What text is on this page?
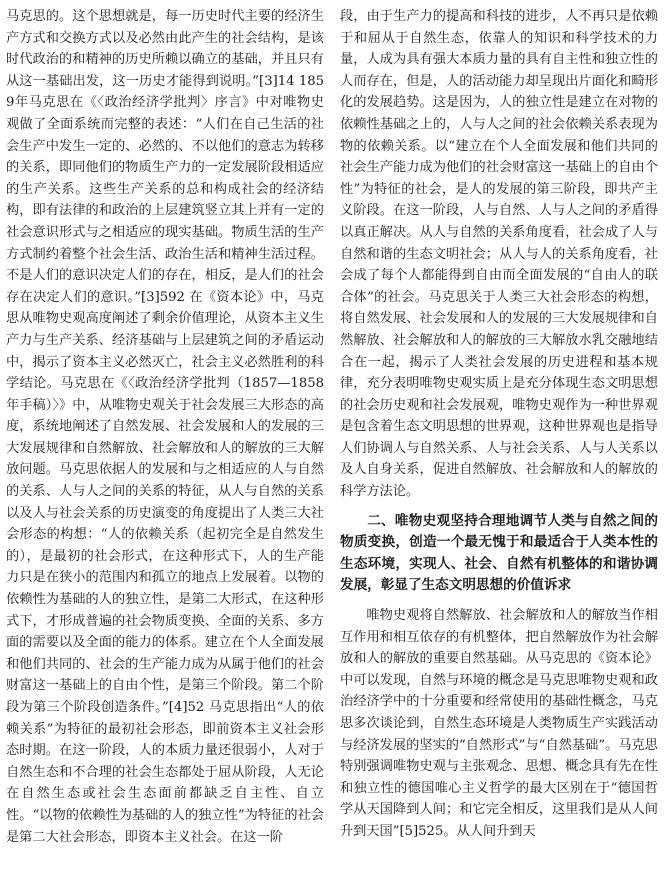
马克思的。这个思想就是，每一历史时代主要的经济生产方式和交换方式以及必然由此产生的社会结构，是该时代政治的和精神的历史所赖以确立的基础，并且只有从这一基础出发，这一历史才能得到说明。”[3]14 1859年马克思在《〈政治经济学批判〉序言》中对唯物史观做了全面系统而完整的表述：“人们在自己生活的社会生产中发生一定的、必然的、不以他们的意志为转移的关系，即同他们的物质生产力的一定发展阶段相适应的生产关系。这些生产关系的总和构成社会的经济结构，即有法律的和政治的上层建筑竖立其上并有一定的社会意识形式与之相适应的现实基础。物质生活的生产方式制约着整个社会生活、政治生活和精神生活过程。不是人们的意识决定人们的存在，相反，是人们的社会存在决定人们的意识。”[3]592 在《资本论》中，马克思从唯物史观高度阐述了剩余价值理论，从资本主义生产力与生产关系、经济基础与上层建筑之间的矛盾运动中，揭示了资本主义必然灭亡，社会主义必然胜利的科学结论。马克思在《〈政治经济学批判（1857—1858年手稿）〉》中，从唯物史观关于社会发展三大形态的高度，系统地阐述了自然发展、社会发展和人的发展的三大发展规律和自然解放、社会解放和人的解放的三大解放问题。马克思依据人的发展和与之相适应的人与自然的关系、人与人之间的关系的特征，从人与自然的关系以及人与社会关系的历史演变的角度提出了人类三大社会形态的构想：“人的依赖关系（起初完全是自然发生的），是最初的社会形式，在这种形式下，人的生产能力只是在狭小的范围内和孤立的地点上发展着。以物的依赖性为基础的人的独立性，是第二大形式，在这种形式下，才形成普遍的社会物质变换、全面的关系、多方面的需要以及全面的能力的体系。建立在个人全面发展和他们共同的、社会的生产能力成为从属于他们的社会财富这一基础上的自由个性，是第三个阶段。第二个阶段为第三个阶段创造条件。”[4]52 马克思指出“人的依赖关系”为特征的最初社会形态，即前资本主义社会形态时期。在这一阶段，人的本质力量还很弱小，人对于自然生态和不合理的社会生态都处于屈从阶段，人无论在自然生态或社会生态面前都缺乏自主性、自立性。“以物的依赖性为基础的人的独立性”为特征的社会是第二大社会形态，即资本主义社会。在这一阶

段，由于生产力的提高和科技的进步，人不再只是依赖于和屈从于自然生态，依靠人的知识和科学技术的力量，人成为具有强大本质力量的具有自主性和独立性的人而存在，但是，人的活动能力却呈现出片面化和畸形化的发展趋势。这是因为，人的独立性是建立在对物的依赖性基础之上的，人与人之间的社会依赖关系表现为物的依赖关系。以“建立在个人全面发展和他们共同的社会生产能力成为他们的社会财富这一基础上的自由个性”为特征的社会，是人的发展的第三阶段，即共产主义阶段。在这一阶段，人与自然、人与人之间的矛盾得以真正解决。从人与自然的关系角度看，社会成了人与自然和谐的生态文明社会；从人与人的关系角度看，社会成了每个人都能得到自由而全面发展的“自由人的联合体”的社会。马克思关于人类三大社会形态的构想，将自然发展、社会发展和人的发展的三大发展规律和自然解放、社会解放和人的解放的三大解放水乳交融地结合在一起，揭示了人类社会发展的历史进程和基本规律，充分表明唯物史观实质上是充分体现生态文明思想的社会历史观和社会发展观，唯物史观作为一种世界观是包含着生态文明思想的世界观，这种世界观也是指导人们协调人与自然关系、人与社会关系、人与人关系以及人自身关系，促进自然解放、社会解放和人的解放的科学方法论。

二、唯物史观坚持合理地调节人类与自然之间的物质变换，创造一个最无愧于和最适合于人类本性的生态环境，实现人、社会、自然有机整体的和谐协调发展，彰显了生态文明思想的价值诉求

唯物史观将自然解放、社会解放和人的解放当作相互作用和相互依存的有机整体，把自然解放作为社会解放和人的解放的重要自然基础。从马克思的《资本论》中可以发现，自然与环境的概念是马克思唯物史观和政治经济学中的十分重要和经常使用的基础性概念，马克思多次谈论到，自然生态环境是人类物质生产实践活动与经济发展的坚实的“自然形式”与“自然基础”。马克思特别强调唯物史观与主张观念、思想、概念具有先在性和独立性的德国唯心主义哲学的最大区别在于“德国哲学从天国降到人间；和它完全相反，这里我们是从人间升到天国”[5]525。从人间升到天
